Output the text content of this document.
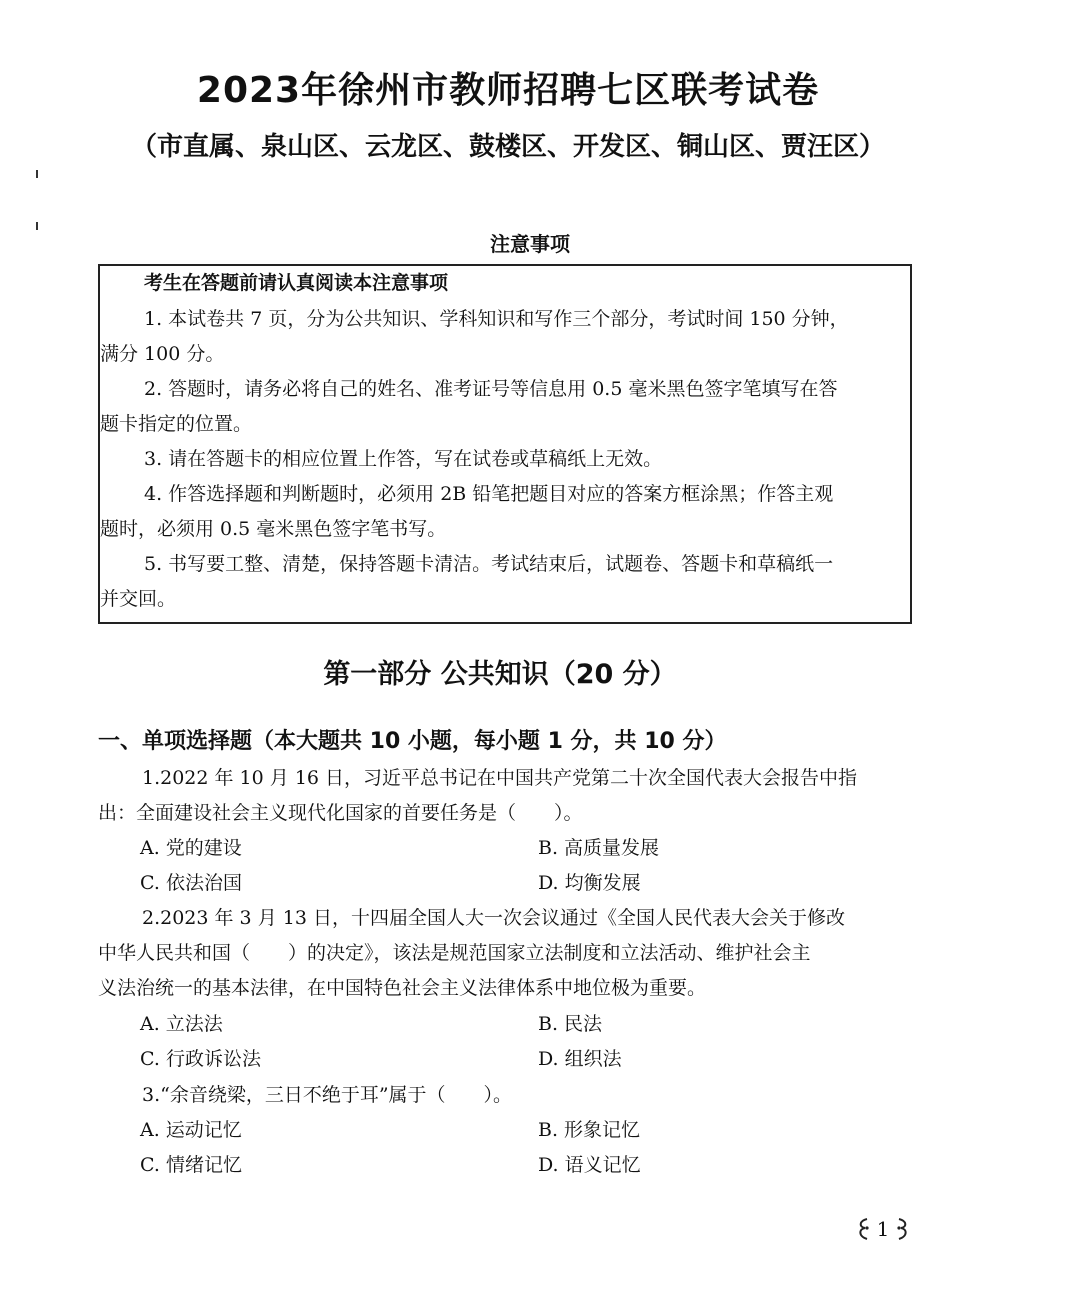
2023年徐州市教师招聘七区联考试卷
（市直属、泉山区、云龙区、鼓楼区、开发区、铜山区、贾汪区）
注意事项
考生在答题前请认真阅读本注意事项
1. 本试卷共 7 页，分为公共知识、学科知识和写作三个部分，考试时间 150 分钟，
满分 100 分。
2. 答题时，请务必将自己的姓名、准考证号等信息用 0.5 毫米黑色签字笔填写在答
题卡指定的位置。
3. 请在答题卡的相应位置上作答，写在试卷或草稿纸上无效。
4. 作答选择题和判断题时，必须用 2B 铅笔把题目对应的答案方框涂黑；作答主观
题时，必须用 0.5 毫米黑色签字笔书写。
5. 书写要工整、清楚，保持答题卡清洁。考试结束后，试题卷、答题卡和草稿纸一
并交回。
第一部分 公共知识（20 分）
一、单项选择题（本大题共 10 小题，每小题 1 分，共 10 分）
1.2022 年 10 月 16 日，习近平总书记在中国共产党第二十次全国代表大会报告中指
出：全面建设社会主义现代化国家的首要任务是（　　）。
A. 党的建设	B. 高质量发展
C. 依法治国	D. 均衡发展
2.2023 年 3 月 13 日，十四届全国人大一次会议通过《全国人民代表大会关于修改
中华人民共和国（　　）的决定》，该法是规范国家立法制度和立法活动、维护社会主
义法治统一的基本法律，在中国特色社会主义法律体系中地位极为重要。
A. 立法法	B. 民法
C. 行政诉讼法	D. 组织法
3.“余音绕梁，三日不绝于耳”属于（　　）。
A. 运动记忆	B. 形象记忆
C. 情绪记忆	D. 语义记忆
1
